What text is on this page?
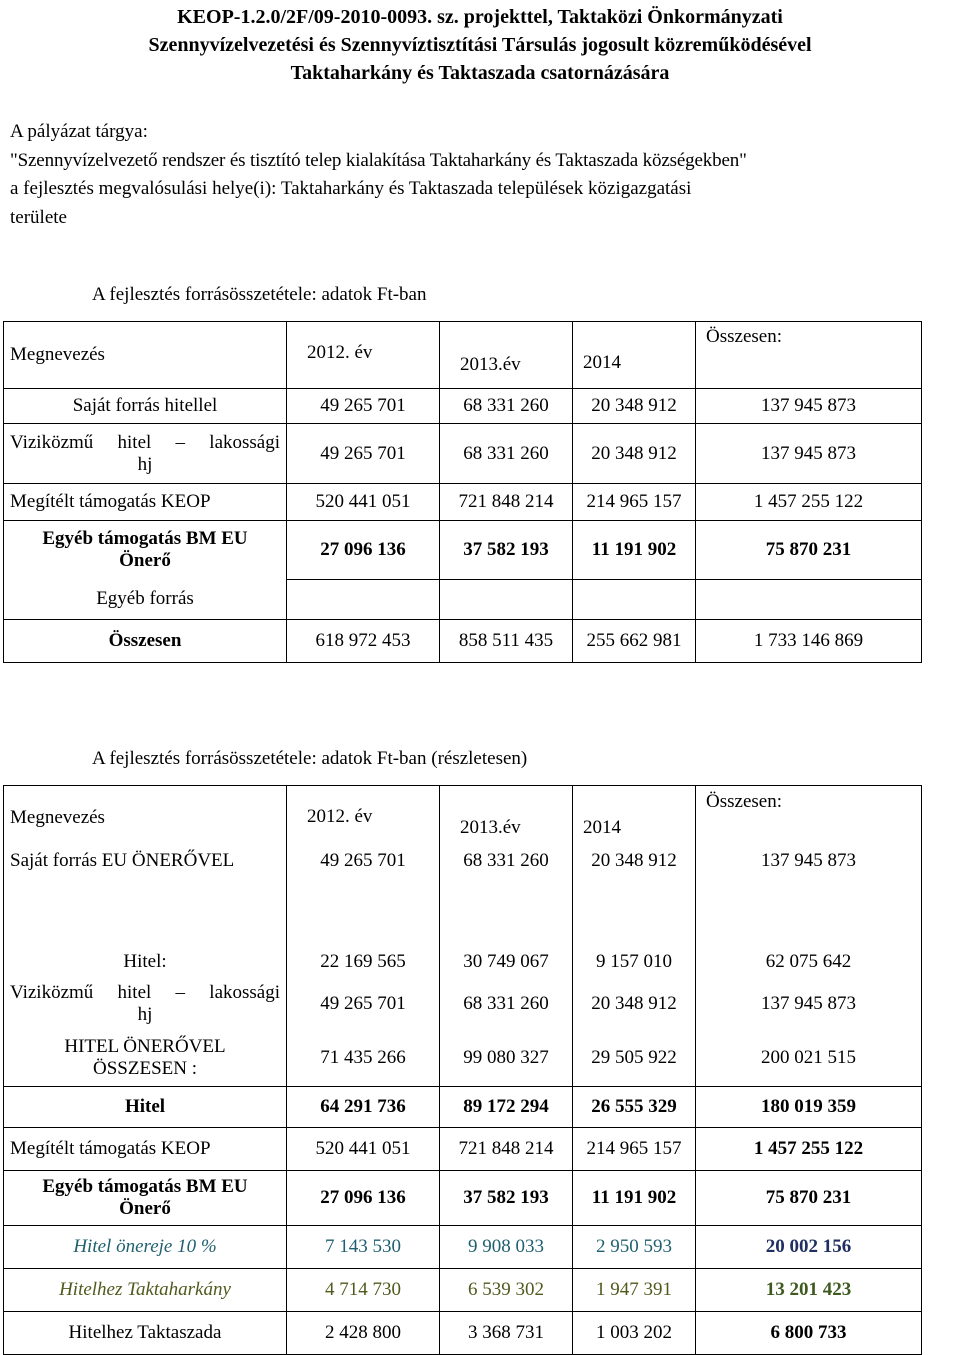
KEOP-1.2.0/2F/09-2010-0093. sz. projekttel, Taktaközi Önkormányzati
Szennyvízelvezetési és Szennyvíztisztítási Társulás jogosult közreműködésével
Taktaharkány és Taktaszada csatornázására
A pályázat tárgya:
"Szennyvízelvezető rendszer és tisztító telep kialakítása Taktaharkány és Taktaszada községekben"
a fejlesztés megvalósulási helye(i): Taktaharkány és Taktaszada települések közigazgatási
területe
A fejlesztés forrásösszetétele: adatok Ft-ban
Megnevezés	2012. év	2013.év	2014	Összesen:
Saját forrás hitellel	49 265 701	68 331 260	20 348 912	137 945 873

Viziközmű hitel – lakossági
hj	49 265 701	68 331 260	20 348 912	137 945 873
Megítélt támogatás KEOP	520 441 051	721 848 214	214 965 157	1 457 255 122

Egyéb támogatás BM EU
Önerő	27 096 136	37 582 193	11 191 902	75 870 231
Egyéb forrás				
Összesen	618 972 453	858 511 435	255 662 981	1 733 146 869
A fejlesztés forrásösszetétele: adatok Ft-ban (részletesen)
Megnevezés	2012. év	2013.év	2014	Összesen:
Saját forrás EU ÖNERŐVEL	49 265 701	68 331 260	20 348 912	137 945 873

Hitel:	22 169 565	30 749 067	9 157 010	62 075 642

Viziközmű hitel – lakossági
hj	49 265 701	68 331 260	20 348 912	137 945 873

HITEL ÖNERŐVEL
ÖSSZESEN :	71 435 266	99 080 327	29 505 922	200 021 515
Hitel	64 291 736	89 172 294	26 555 329	180 019 359
Megítélt támogatás KEOP	520 441 051	721 848 214	214 965 157	1 457 255 122

Egyéb támogatás BM EU
Önerő	27 096 136	37 582 193	11 191 902	75 870 231
Hitel önereje 10 %	7 143 530	9 908 033	2 950 593	20 002 156
Hitelhez Taktaharkány	4 714 730	6 539 302	1 947 391	13 201 423
Hitelhez Taktaszada	2 428 800	3 368 731	1 003 202	6 800 733
